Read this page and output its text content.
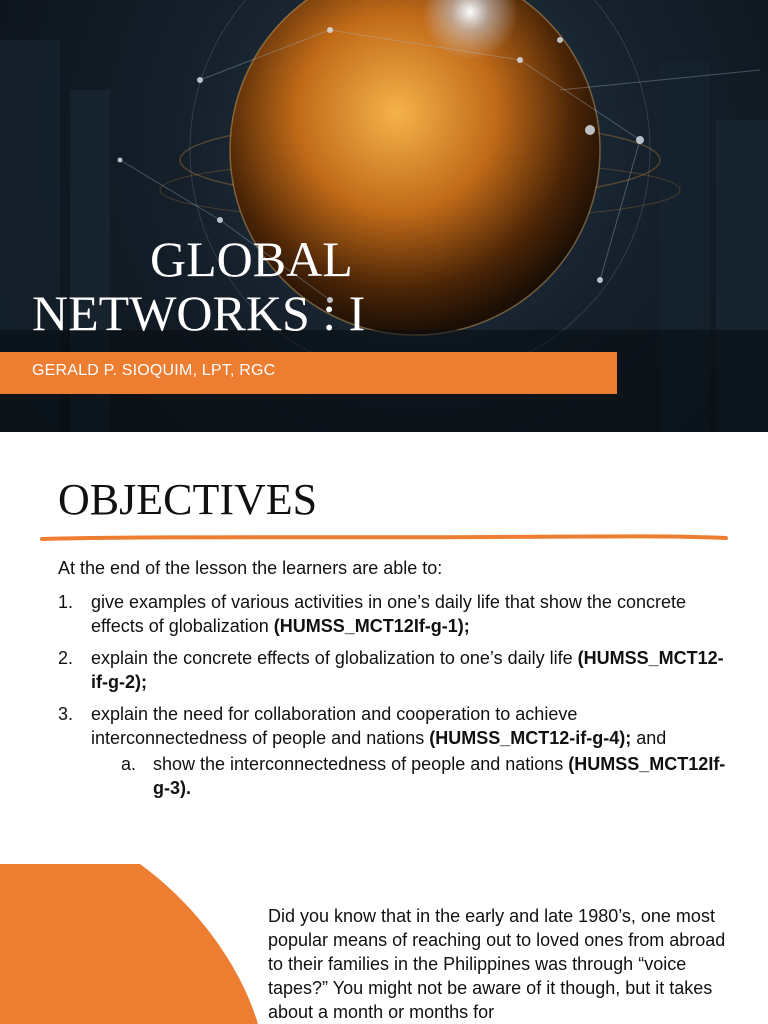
GLOBAL
NETWORKS : I
GERALD P. SIOQUIM, LPT, RGC
OBJECTIVES
At the end of the lesson the learners are able to:
1. give examples of various activities in one’s daily life that show the concrete effects of globalization (HUMSS_MCT12If-g-1);
2. explain the concrete effects of globalization to one’s daily life (HUMSS_MCT12-if-g-2);
3. explain the need for collaboration and cooperation to achieve interconnectedness of people and nations (HUMSS_MCT12-if-g-4); and
a. show the interconnectedness of people and nations (HUMSS_MCT12If-g-3).
Did you know that in the early and late 1980’s, one most popular means of reaching out to loved ones from abroad to their families in the Philippines was through “voice tapes?” You might not be aware of it though, but it takes about a month or months for
